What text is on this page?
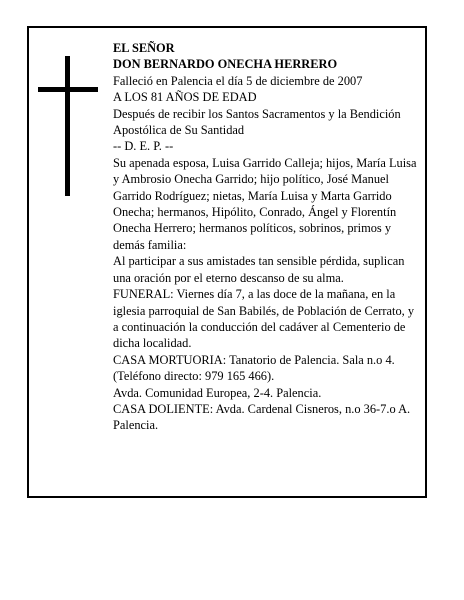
EL SEÑOR

DON BERNARDO ONECHA HERRERO

Falleció en Palencia el día 5 de diciembre de 2007

A LOS 81 AÑOS DE EDAD

Después de recibir los Santos Sacramentos y la Bendición Apostólica de Su Santidad

-- D. E. P. --

Su apenada esposa, Luisa Garrido Calleja; hijos, María Luisa y Ambrosio Onecha Garrido; hijo político, José Manuel Garrido Rodríguez; nietas, María Luisa y Marta Garrido Onecha; hermanos, Hipólito, Conrado, Ángel y Florentín Onecha Herrero; hermanos políticos, sobrinos, primos y demás familia:

Al participar a sus amistades tan sensible pérdida, suplican una oración por el eterno descanso de su alma.

FUNERAL: Viernes día 7, a las doce de la mañana, en la iglesia parroquial de San Babilés, de Población de Cerrato, y a continuación la conducción del cadáver al Cementerio de dicha localidad.

CASA MORTUORIA: Tanatorio de Palencia. Sala n.o 4. (Teléfono directo: 979 165 466).

Avda. Comunidad Europea, 2-4. Palencia.

CASA DOLIENTE: Avda. Cardenal Cisneros, n.o 36-7.o A. Palencia.
